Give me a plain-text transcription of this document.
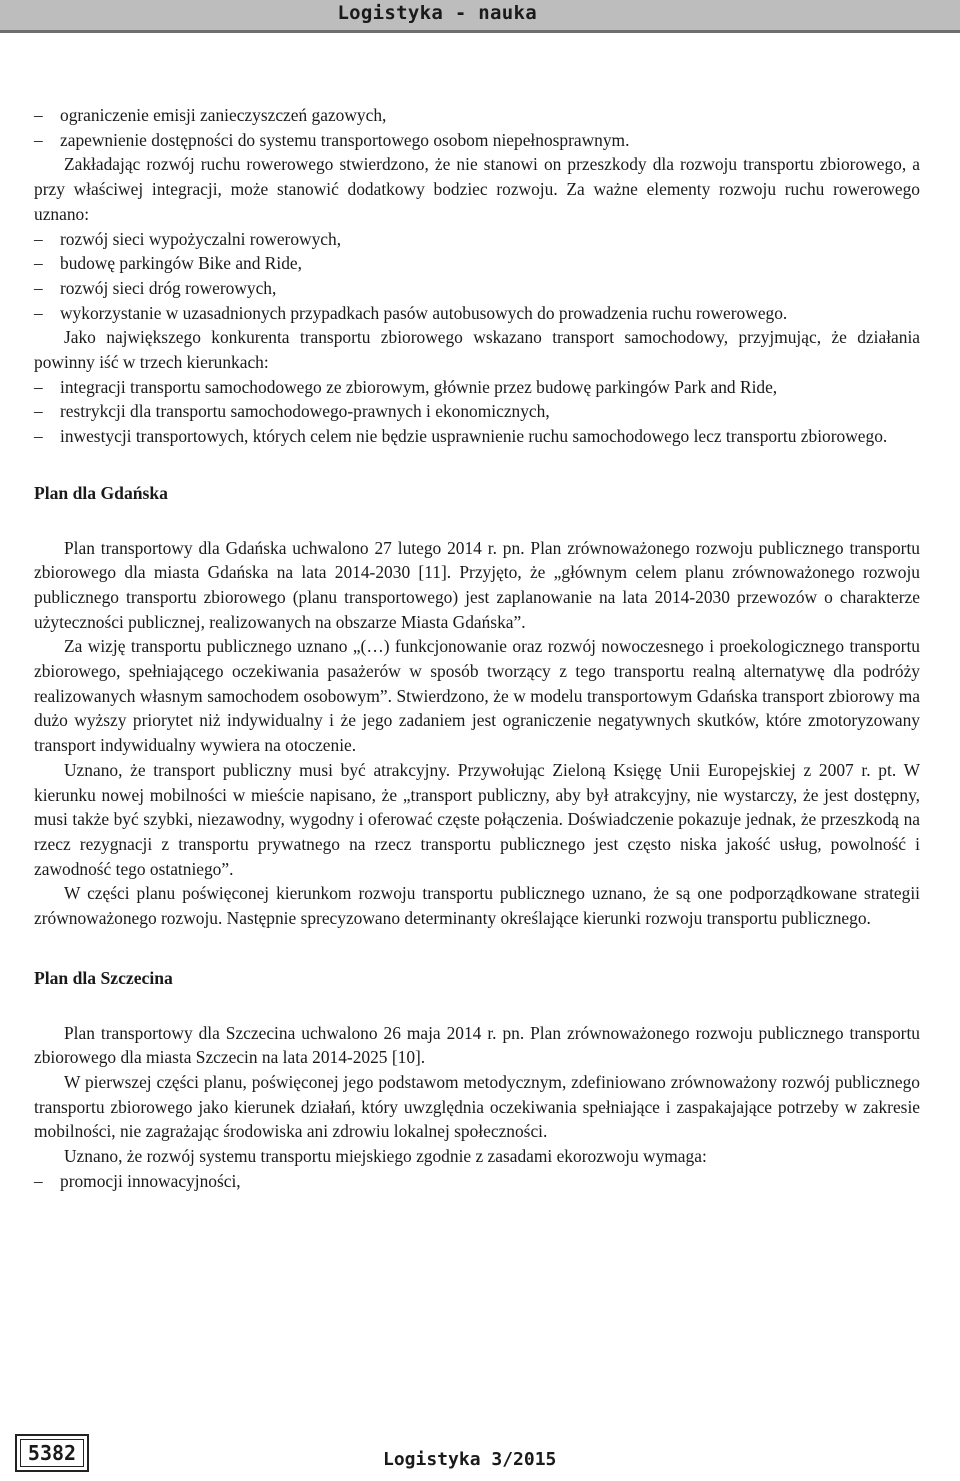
Logistyka - nauka
– ograniczenie emisji zanieczyszczeń gazowych,
– zapewnienie dostępności do systemu transportowego osobom niepełnosprawnym.

Zakładając rozwój ruchu rowerowego stwierdzono, że nie stanowi on przeszkody dla rozwoju transportu zbiorowego, a przy właściwej integracji, może stanowić dodatkowy bodziec rozwoju. Za ważne elementy rozwoju ruchu rowerowego uznano:

– rozwój sieci wypożyczalni rowerowych,
– budowę parkingów Bike and Ride,
– rozwój sieci dróg rowerowych,
– wykorzystanie w uzasadnionych przypadkach pasów autobusowych do prowadzenia ruchu rowerowego.

Jako największego konkurenta transportu zbiorowego wskazano transport samochodowy, przyjmując, że działania powinny iść w trzech kierunkach:

– integracji transportu samochodowego ze zbiorowym, głównie przez budowę parkingów Park and Ride,
– restrykcji dla transportu samochodowego-prawnych i ekonomicznych,
– inwestycji transportowych, których celem nie będzie usprawnienie ruchu samochodowego lecz transportu zbiorowego.
Plan dla Gdańska

Plan transportowy dla Gdańska uchwalono 27 lutego 2014 r. pn. Plan zrównoważonego rozwoju publicznego transportu zbiorowego dla miasta Gdańska na lata 2014-2030 [11]. Przyjęto, że „głównym celem planu zrównoważonego rozwoju publicznego transportu zbiorowego (planu transportowego) jest zaplanowanie na lata 2014-2030 przewozów o charakterze użyteczności publicznej, realizowanych na obszarze Miasta Gdańska”.

Za wizję transportu publicznego uznano „(…) funkcjonowanie oraz rozwój nowoczesnego i proekologicznego transportu zbiorowego, spełniającego oczekiwania pasażerów w sposób tworzący z tego transportu realną alternatywę dla podróży realizowanych własnym samochodem osobowym”. Stwierdzono, że w modelu transportowym Gdańska transport zbiorowy ma dużo wyższy priorytet niż indywidualny i że jego zadaniem jest ograniczenie negatywnych skutków, które zmotoryzowany transport indywidualny wywiera na otoczenie.

Uznano, że transport publiczny musi być atrakcyjny. Przywołując Zieloną Księgę Unii Europejskiej z 2007 r. pt. W kierunku nowej mobilności w mieście napisano, że „transport publiczny, aby był atrakcyjny, nie wystarczy, że jest dostępny, musi także być szybki, niezawodny, wygodny i oferować częste połączenia. Doświadczenie pokazuje jednak, że przeszkodą na rzecz rezygnacji z transportu prywatnego na rzecz transportu publicznego jest często niska jakość usług, powolność i zawodność tego ostatniego”.

W części planu poświęconej kierunkom rozwoju transportu publicznego uznano, że są one podporządkowane strategii zrównoważonego rozwoju. Następnie sprecyzowano determinanty określające kierunki rozwoju transportu publicznego.

Plan dla Szczecina

Plan transportowy dla Szczecina uchwalono 26 maja 2014 r. pn. Plan zrównoważonego rozwoju publicznego transportu zbiorowego dla miasta Szczecin na lata 2014-2025 [10].

W pierwszej części planu, poświęconej jego podstawom metodycznym, zdefiniowano zrównoważony rozwój publicznego transportu zbiorowego jako kierunek działań, który uwzględnia oczekiwania spełniające i zaspakajające potrzeby w zakresie mobilności, nie zagrażając środowiska ani zdrowiu lokalnej społeczności.

Uznano, że rozwój systemu transportu miejskiego zgodnie z zasadami ekorozwoju wymaga:

– promocji innowacyjności,
5382	Logistyka 3/2015
